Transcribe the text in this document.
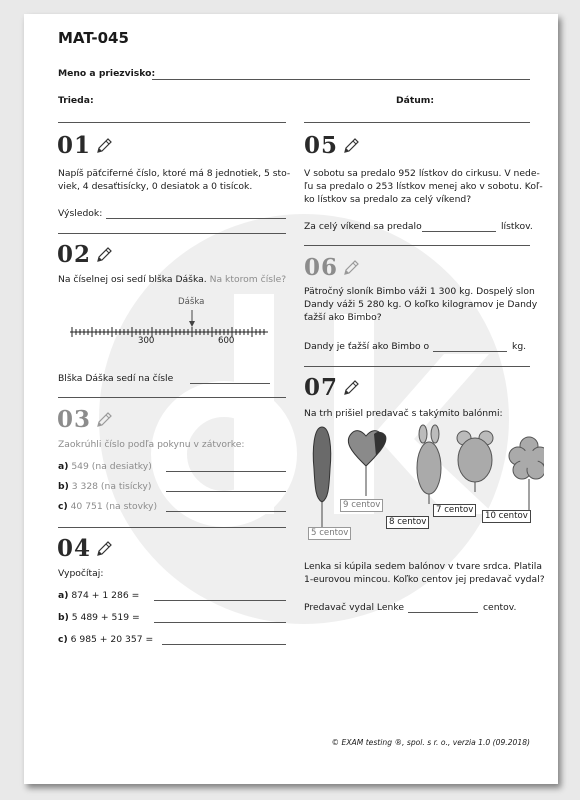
MAT-045
Meno a priezvisko:
Trieda:	Dátum:
01
Napíš päťciferné číslo, ktoré má 8 jednotiek, 5 sto-
viek, 4 desaťtisícky, 0 desiatok a 0 tisícok.
Výsledok:
02
Na číselnej osi sedí blška Dáška. Na ktorom čísle?
Dáška
300	600
Blška Dáška sedí na čísle
03
Zaokrúhli číslo podľa pokynu v zátvorke:
a) 549 (na desiatky)
b) 3 328 (na tisícky)
c) 40 751 (na stovky)
04
Vypočítaj:
a) 874 + 1 286 =
b) 5 489 + 519 =
c) 6 985 + 20 357 =
05
V sobotu sa predalo 952 lístkov do cirkusu. V nede-
ľu sa predalo o 253 lístkov menej ako v sobotu. Koľ-
ko lístkov sa predalo za celý víkend?
Za celý víkend sa predalo	lístkov.
06
Pätročný sloník Bimbo váži 1 300 kg. Dospelý slon
Dandy váži 5 280 kg. O koľko kilogramov je Dandy
ťažší ako Bimbo?
Dandy je ťažší ako Bimbo o	kg.
07
Na trh prišiel predavač s takýmito balónmi:
5 centov
9 centov
8 centov
7 centov
10 centov
Lenka si kúpila sedem balónov v tvare srdca. Platila
1-eurovou mincou. Koľko centov jej predavač vydal?
Predavač vydal Lenke	centov.
© EXAM testing ®, spol. s r. o., verzia 1.0 (09.2018)
